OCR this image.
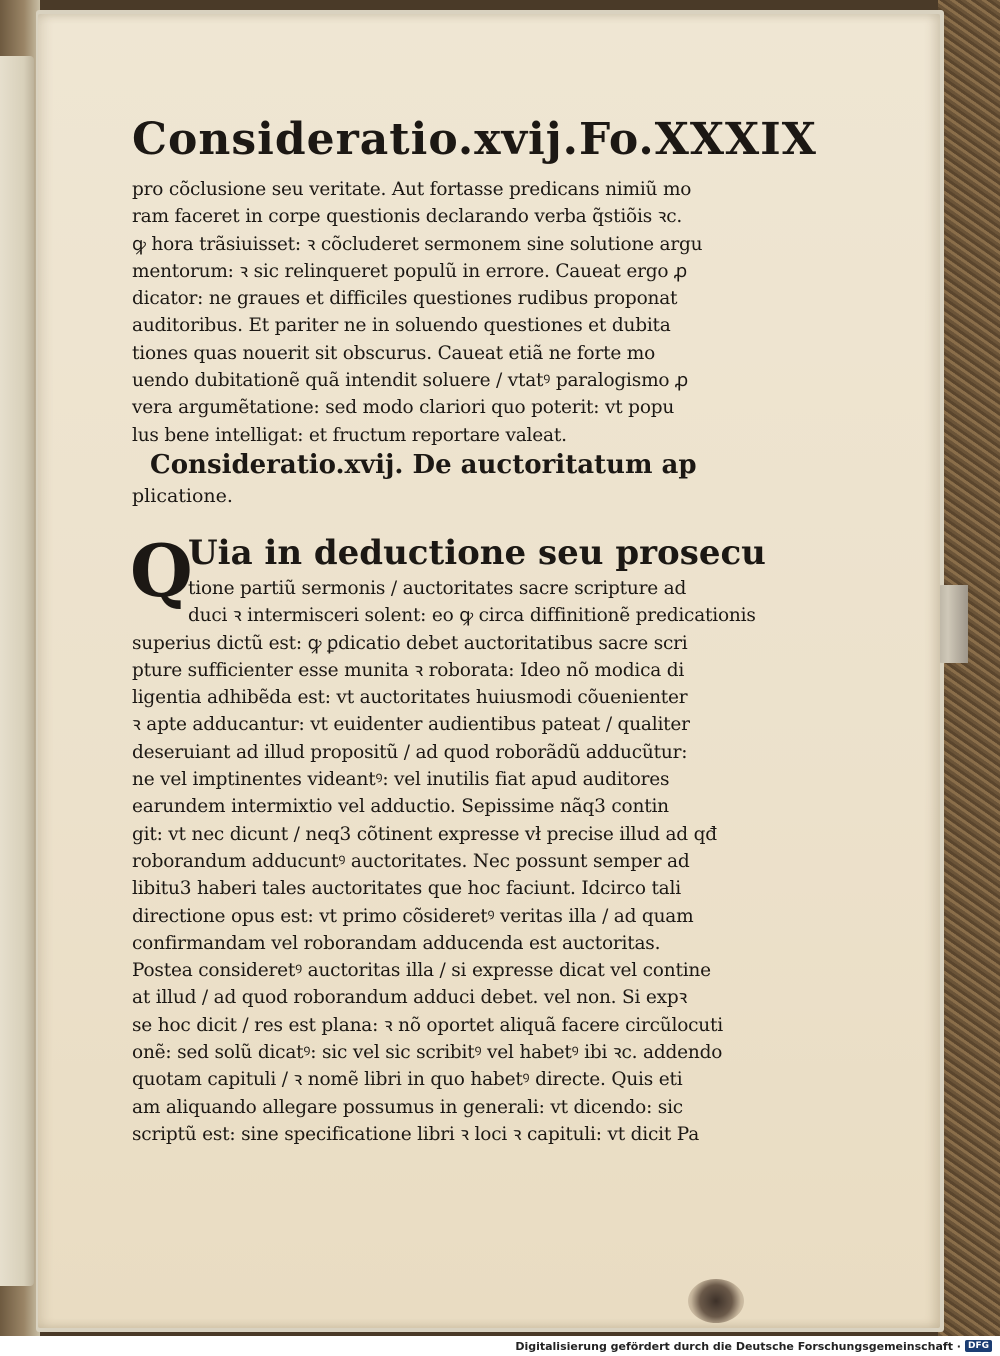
Consideratio.xvij. Fo.XXXIX
pro cõclusione seu veritate. Aut fortasse predicans nimiũ mo
ram faceret in corpe questionis declarando verba q̃stiõis ꝛc.
ꝙ hora trãsiuisset: ꝛ cõcluderet sermonem sine solutione argu
mentorum: ꝛ sic relinqueret populũ in errore. Caueat ergo ꝓ
dicator: ne graues et difficiles questiones rudibus proponat
auditoribus. Et pariter ne in soluendo questiones et dubita
tiones quas nouerit sit obscurus. Caueat etiã ne forte mo
uendo dubitationẽ quã intendit soluere / vtatꝰ paralogismo ꝓ
vera argumẽtatione: sed modo clariori quo poterit: vt popu
lus bene intelligat: et fructum reportare valeat.
Consideratio.xvij. De auctoritatum ap
plicatione.
Q
Uia in deductione seu prosecu
tione partiũ sermonis / auctoritates sacre scripture ad
duci ꝛ intermisceri solent: eo ꝙ circa diffinitionẽ predicationis
superius dictũ est: ꝙ ꝑdicatio debet auctoritatibus sacre scri
pture sufficienter esse munita ꝛ roborata: Ideo nõ modica di
ligentia adhibẽda est: vt auctoritates huiusmodi cõuenienter
ꝛ apte adducantur: vt euidenter audientibus pateat / qualiter
deseruiant ad illud propositũ / ad quod roborãdũ adducũtur:
ne vel imptinentes videantꝰ: vel inutilis fiat apud auditores
earundem intermixtio vel adductio. Sepissime nãq3 contin
git: vt nec dicunt / neq3 cõtinent expresse vł precise illud ad qđ
roborandum adducuntꝰ auctoritates. Nec possunt semper ad
libitu3 haberi tales auctoritates que hoc faciunt. Idcirco tali
directione opus est: vt primo cõsideretꝰ veritas illa / ad quam
confirmandam vel roborandam adducenda est auctoritas.
Postea consideretꝰ auctoritas illa / si expresse dicat vel contine
at illud / ad quod roborandum adduci debet. vel non. Si expꝛ
se hoc dicit / res est plana: ꝛ nõ oportet aliquã facere circũlocuti
onẽ: sed solũ dicatꝰ: sic vel sic scribitꝰ vel habetꝰ ibi ꝛc. addendo
quotam capituli / ꝛ nomẽ libri in quo habetꝰ directe. Quis eti
am aliquando allegare possumus in generali: vt dicendo: sic
scriptũ est: sine specificatione libri ꝛ loci ꝛ capituli: vt dicit Pa
Digitalisierung gefördert durch die Deutsche Forschungsgemeinschaft · DFG
